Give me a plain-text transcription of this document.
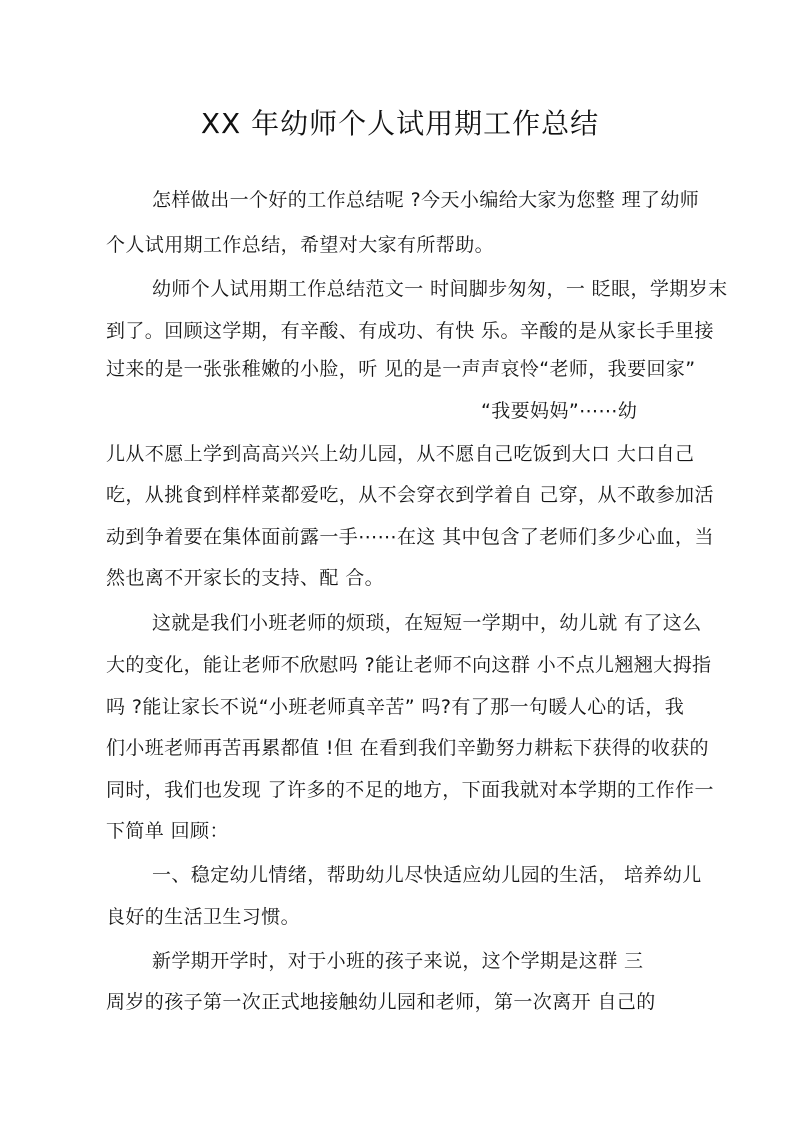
XX 年幼师个人试用期工作总结
怎样做出一个好的工作总结呢 ?今天小编给大家为您整 理了幼师
个人试用期工作总结，希望对大家有所帮助。
幼师个人试用期工作总结范文一 时间脚步匆匆，一 眨眼，学期岁末
到了。回顾这学期，有辛酸、有成功、有快 乐。辛酸的是从家长手里接
过来的是一张张稚嫩的小脸，听 见的是一声声哀怜“老师，我要回家”
“我要妈妈”⋯⋯幼
儿从不愿上学到高高兴兴上幼儿园，从不愿自己吃饭到大口 大口自己
吃，从挑食到样样菜都爱吃，从不会穿衣到学着自 己穿，从不敢参加活
动到争着要在集体面前露一手⋯⋯在这 其中包含了老师们多少心血，当
然也离不开家长的支持、配 合。
这就是我们小班老师的烦琐，在短短一学期中，幼儿就 有了这么
大的变化，能让老师不欣慰吗 ?能让老师不向这群 小不点儿翘翘大拇指
吗 ?能让家长不说“小班老师真辛苦” 吗?有了那一句暖人心的话，我
们小班老师再苦再累都值 !但 在看到我们辛勤努力耕耘下获得的收获的
同时，我们也发现 了许多的不足的地方，下面我就对本学期的工作作一
下简单 回顾：
一、稳定幼儿情绪，帮助幼儿尽快适应幼儿园的生活， 培养幼儿
良好的生活卫生习惯。
新学期开学时，对于小班的孩子来说，这个学期是这群 三
周岁的孩子第一次正式地接触幼儿园和老师，第一次离开 自己的
